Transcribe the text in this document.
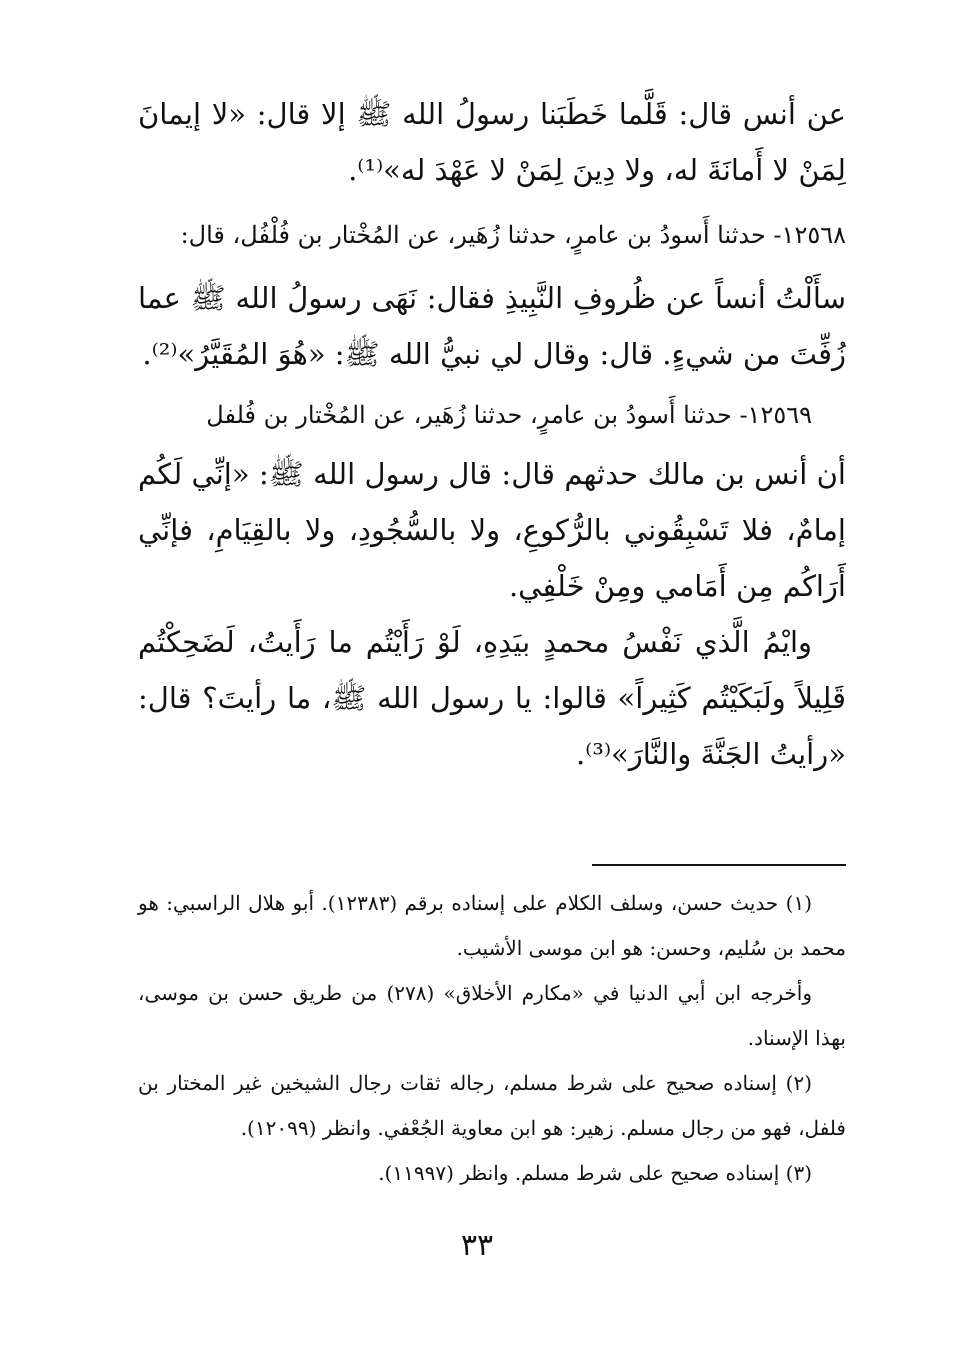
عن أنس قال: قَلَّما خَطَبَنا رسولُ الله ﷺ إلا قال: «لا إيمانَ لِمَنْ لا أَمانَةَ له، ولا دِينَ لِمَنْ لا عَهْدَ له»⁽¹⁾.

١٢٥٦٨- حدثنا أَسودُ بن عامرٍ، حدثنا زُهَير، عن المُخْتار بن فُلْفُل، قال:

سأَلْتُ أنساً عن ظُروفِ النَّبِيذِ فقال: نَهَى رسولُ الله ﷺ عما زُفِّتَ من شيءٍ. قال: وقال لي نبيُّ الله ﷺ: «هُوَ المُقَيَّرُ»⁽²⁾.

١٢٥٦٩- حدثنا أَسودُ بن عامرٍ، حدثنا زُهَير، عن المُخْتار بن فُلفل

أن أنس بن مالك حدثهم قال: قال رسول الله ﷺ: «إنِّي لَكُم إمامٌ، فلا تَسْبِقُوني بالرُّكوعِ، ولا بالسُّجُودِ، ولا بالقِيَامِ، فإنِّي أَرَاكُم مِن أَمَامي ومِنْ خَلْفِي.

وايْمُ الَّذي نَفْسُ محمدٍ بيَدِهِ، لَوْ رَأَيْتُم ما رَأَيتُ، لَضَحِكْتُم قَلِيلاً ولَبَكَيْتُم كَثِيراً» قالوا: يا رسول الله ﷺ، ما رأيتَ؟ قال: «رأيتُ الجَنَّةَ والنَّارَ»⁽³⁾.

(١) حديث حسن، وسلف الكلام على إسناده برقم (١٢٣٨٣). أبو هلال الراسبي: هو محمد بن سُليم، وحسن: هو ابن موسى الأشيب.

وأخرجه ابن أبي الدنيا في «مكارم الأخلاق» (٢٧٨) من طريق حسن بن موسى، بهذا الإسناد.

(٢) إسناده صحيح على شرط مسلم، رجاله ثقات رجال الشيخين غير المختار بن فلفل، فهو من رجال مسلم. زهير: هو ابن معاوية الجُعْفي. وانظر (١٢٠٩٩).

(٣) إسناده صحيح على شرط مسلم. وانظر (١١٩٩٧).

٣٣
